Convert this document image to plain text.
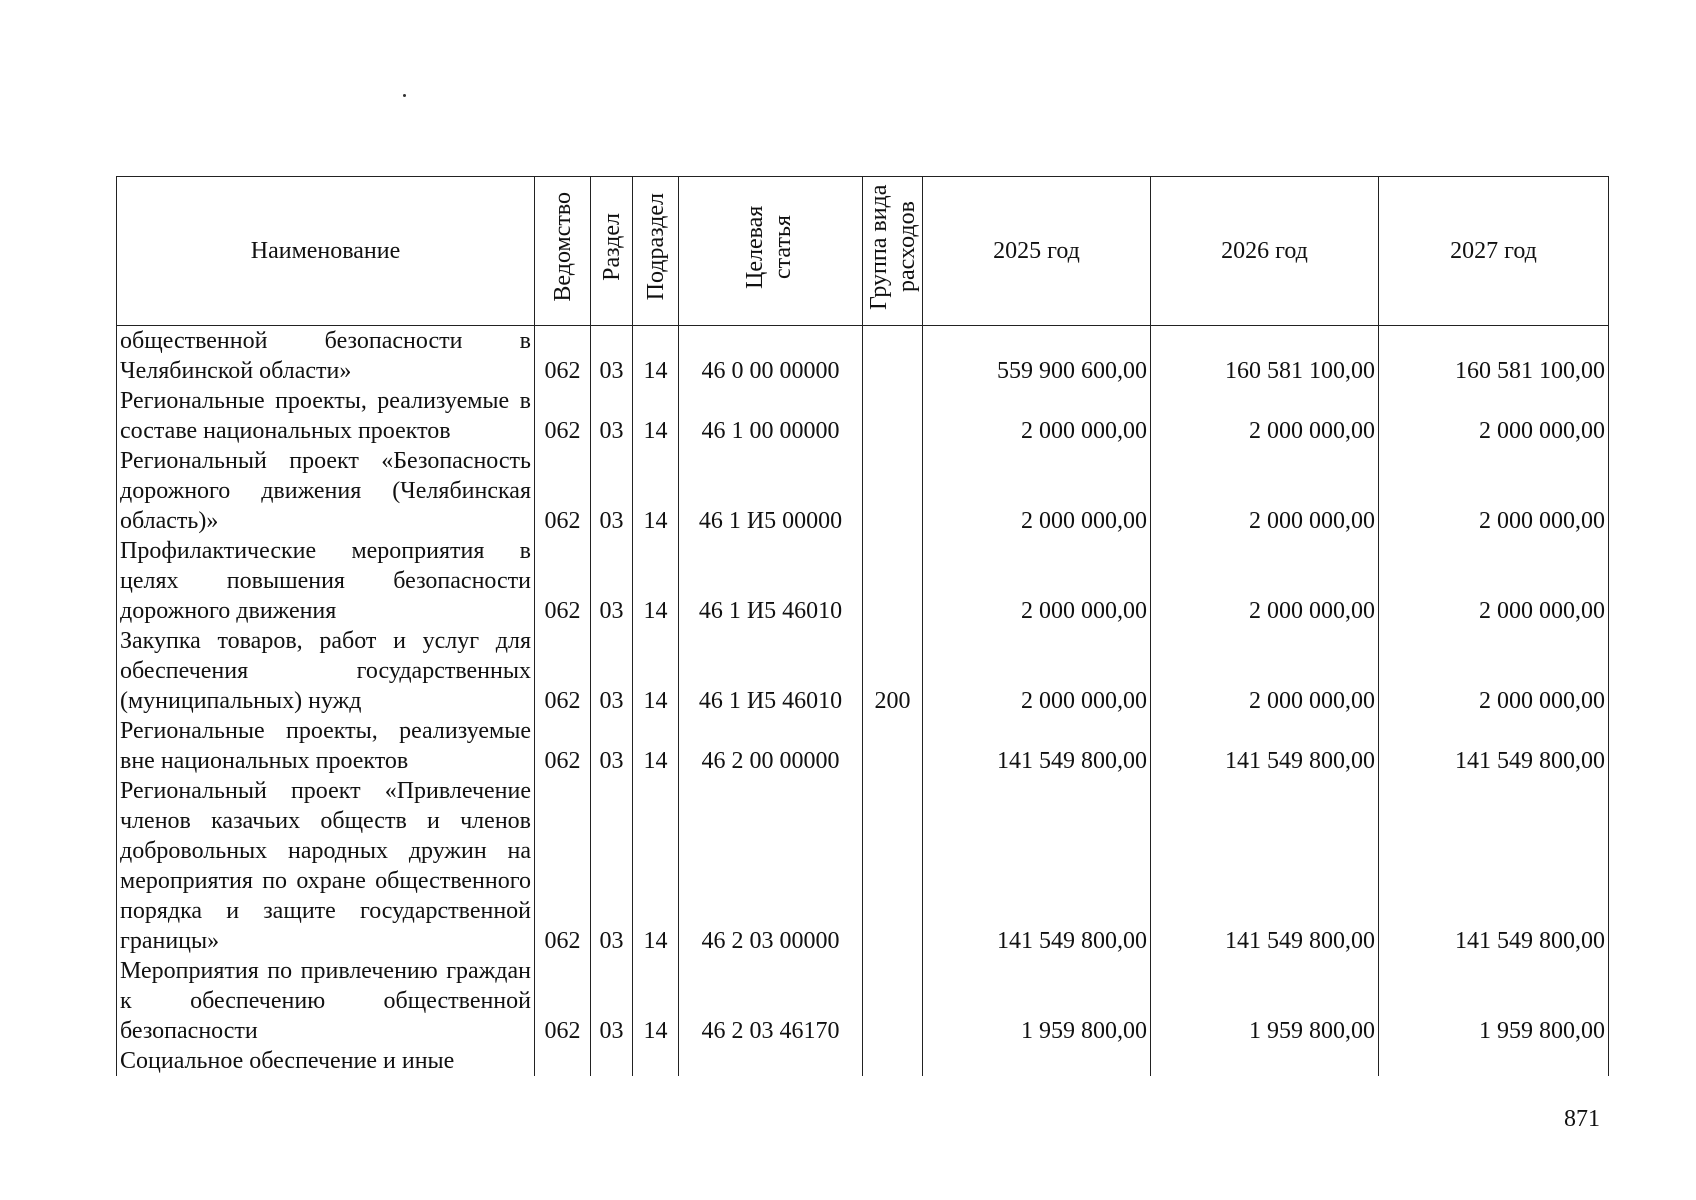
Наименование	Ведомство	Раздел	Подраздел	Целевая статья	Группа вида расходов	2025 год	2026 год	2027 год
общественной безопасности в Челябинской области»	062	03	14	46 0 00 00000		559 900 600,00	160 581 100,00	160 581 100,00
Региональные проекты, реализуемые в составе национальных проектов	062	03	14	46 1 00 00000		2 000 000,00	2 000 000,00	2 000 000,00
Региональный проект «Безопасность дорожного движения (Челябинская область)»	062	03	14	46 1 И5 00000		2 000 000,00	2 000 000,00	2 000 000,00
Профилактические мероприятия в целях повышения безопасности дорожного движения	062	03	14	46 1 И5 46010		2 000 000,00	2 000 000,00	2 000 000,00
Закупка товаров, работ и услуг для обеспечения государственных (муниципальных) нужд	062	03	14	46 1 И5 46010	200	2 000 000,00	2 000 000,00	2 000 000,00
Региональные проекты, реализуемые вне национальных проектов	062	03	14	46 2 00 00000		141 549 800,00	141 549 800,00	141 549 800,00
Региональный проект «Привлечение членов казачьих обществ и членов добровольных народных дружин на мероприятия по охране общественного порядка и защите государственной границы»	062	03	14	46 2 03 00000		141 549 800,00	141 549 800,00	141 549 800,00
Мероприятия по привлечению граждан к обеспечению общественной безопасности	062	03	14	46 2 03 46170		1 959 800,00	1 959 800,00	1 959 800,00
Социальное обеспечение и иные								
871
